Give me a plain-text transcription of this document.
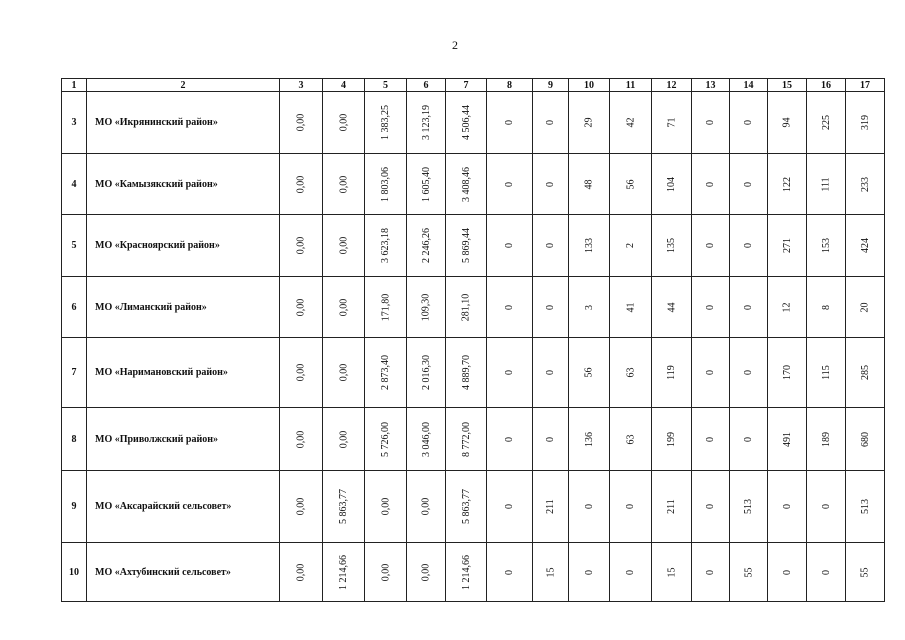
2
1	2	3	4	5	6	7	8	9	10	11	12	13	14	15	16	17
3	МО «Икрянинский район»	0,00	0,00	1 383,25	3 123,19	4 506,44	0	0	29	42	71	0	0	94	225	319
4	МО «Камызякский район»	0,00	0,00	1 803,06	1 605,40	3 408,46	0	0	48	56	104	0	0	122	111	233
5	МО «Красноярский район»	0,00	0,00	3 623,18	2 246,26	5 869,44	0	0	133	2	135	0	0	271	153	424
6	МО «Лиманский район»	0,00	0,00	171,80	109,30	281,10	0	0	3	41	44	0	0	12	8	20
7	МО «Наримановский район»	0,00	0,00	2 873,40	2 016,30	4 889,70	0	0	56	63	119	0	0	170	115	285
8	МО «Приволжский район»	0,00	0,00	5 726,00	3 046,00	8 772,00	0	0	136	63	199	0	0	491	189	680
9	МО «Аксарайский сельсовет»	0,00	5 863,77	0,00	0,00	5 863,77	0	211	0	0	211	0	513	0	0	513
10	МО «Ахтубинский сельсовет»	0,00	1 214,66	0,00	0,00	1 214,66	0	15	0	0	15	0	55	0	0	55
